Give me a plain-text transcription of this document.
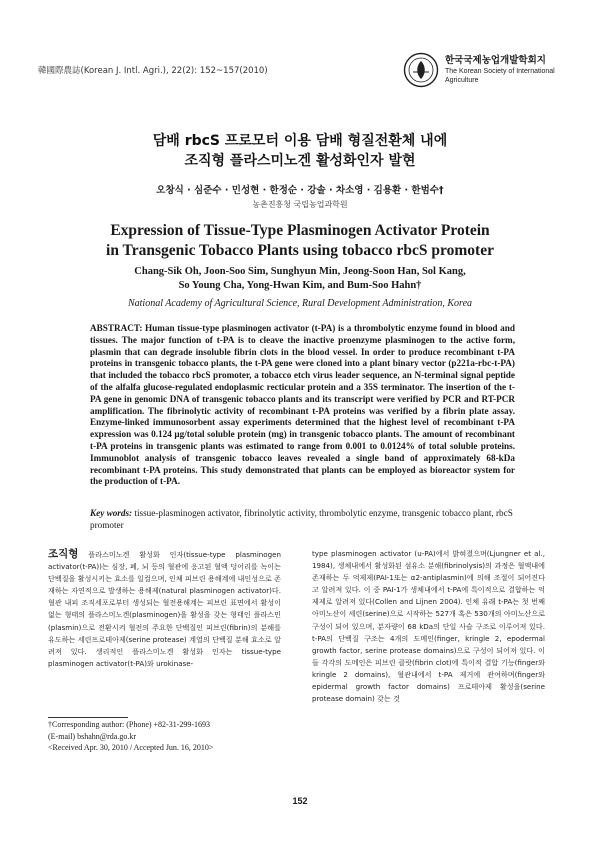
韓國際農誌(Korean J. Intl. Agri.), 22(2): 152~157(2010)
한국국제농업개발학회지
The Korean Society of International Agriculture
담배 rbcS 프로모터 이용 담배 형질전환체 내에
조직형 플라스미노겐 활성화인자 발현
오창식 · 심준수 · 민성현 · 한정순 · 강솔 · 차소영 · 김용환 · 한범수†
농촌진흥청 국립농업과학원
Expression of Tissue-Type Plasminogen Activator Protein
in Transgenic Tobacco Plants using tobacco rbcS promoter
Chang-Sik Oh, Joon-Soo Sim, Sunghyun Min, Jeong-Soon Han, Sol Kang,
So Young Cha, Yong-Hwan Kim, and Bum-Soo Hahn†
National Academy of Agricultural Science, Rural Development Administration, Korea
ABSTRACT: Human tissue-type plasminogen activator (t-PA) is a thrombolytic enzyme found in blood and tissues. The major function of t-PA is to cleave the inactive proenzyme plasminogen to the active form, plasmin that can degrade insoluble fibrin clots in the blood vessel. In order to produce recombinant t-PA proteins in transgenic tobacco plants, the t-PA gene were cloned into a plant binary vector (p221a-rbc-t-PA) that included the tobacco rbcS promoter, a tobacco etch virus leader sequence, an N-terminal signal peptide of the alfalfa glucose-regulated endoplasmic recticular protein and a 35S terminator. The insertion of the t-PA gene in genomic DNA of transgenic tobacco plants and its transcript were verified by PCR and RT-PCR amplification. The fibrinolytic activity of recombinant t-PA proteins was verified by a fibrin plate assay. Enzyme-linked immunosorbent assay experiments determined that the highest level of recombinant t-PA expression was 0.124 μg/total soluble protein (mg) in transgenic tobacco plants. The amount of recombinant t-PA proteins in transgenic plants was estimated to range from 0.001 to 0.0124% of total soluble proteins. Immunoblot analysis of transgenic tobacco leaves revealed a single band of approximately 68-kDa recombinant t-PA proteins. This study demonstrated that plants can be employed as bioreactor system for the production of t-PA.
Key words: tissue-plasminogen activator, fibrinolytic activity, thrombolytic enzyme, transgenic tobacco plant, rbcS promoter
조직형 플라스미노겐 활성화 인자(tissue-type plasminogen activator(t-PA))는 심장, 폐, 뇌 등의 혈관에 응고된 혈액 덩어리를 녹이는 단백질을 활성시키는 효소를 일컬으며, 인체 피브린 용해계에 내인성으로 존재하는 자연적으로 발생하는 용해제(natural plasminogen activator)다. 혈관 내피 조직세포로부터 생성되는 혈전용해계는 피브린 표면에서 활성이 없는 형태의 플라스미노겐(plasminogen)을 활성을 갖는 형태인 플라스민(plasmin)으로 전환시켜 혈전의 주요한 단백질인 피브린(fibrin)의 분해를 유도하는 세린프로테아제(serine protease) 계열의 단백질 분해 효소로 알려져 있다. 생리적인 플라스미노겐 활성화 인자는 tissue-type plasminogen activator(t-PA)와 urokinase-
type plasminogen activator (u-PA)에서 밝혀졌으며(Ljungner et al., 1984), 생체내에서 활성화된 섬유소 분해(fibrinolysis)의 과정은 혈액내에 존재하는 두 억제제(PAI-1또는 α2-antiplasmin)에 의해 조절이 되어진다고 알려져 있다. 이 중 PAI-1가 생체내에서 t-PA에 특이적으로 결합하는 억제제로 알려져 있다(Collen and Lijnen 2004). 인체 유래 t-PA는 첫 번째 아미노산이 세린(serine)으로 시작하는 527개 혹은 530개의 아미노산으로 구성이 되어 있으며, 분자량이 68 kDa의 단일 사슬 구조로 이루어져 있다. t-PA의 단백질 구조는 4개의 도메인(finger, kringle 2, epodermal growth factor, serine protease domains)으로 구성이 되어져 있다. 이들 각각의 도메인은 피브린 클랏(fibrin clot)에 특이적 결합 기능(finger와 kringle 2 domains), 혈관내에서 t-PA 제거에 관여하며(finger와 epidermal growth factor domains) 프로테아제 활성을(serine protease domain) 갖는 것
†Corresponding author: (Phone) +82-31-299-1693
(E-mail) bshahn@rda.go.kr
<Received Apr. 30, 2010 / Accepted Jun. 16, 2010>
152
